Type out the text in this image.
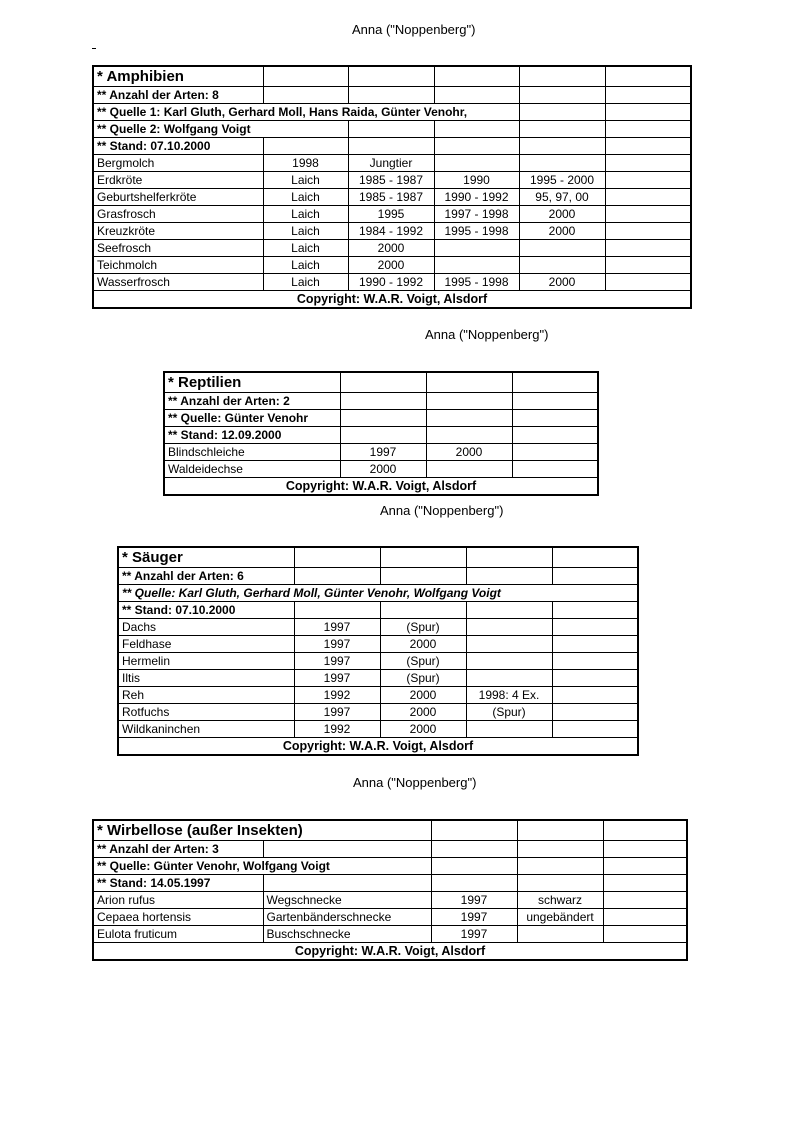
Anna ("Noppenberg")
* Amphibien					
** Anzahl der Arten: 8					
** Quelle 1: Karl Gluth, Gerhard Moll, Hans Raida, Günter Venohr,					
** Quelle 2: Wolfgang Voigt					
** Stand: 07.10.2000					
Bergmolch	1998	Jungtier			
Erdkröte	Laich	1985 - 1987	1990	1995 - 2000	
Geburtshelferkröte	Laich	1985 - 1987	1990 - 1992	95, 97, 00	
Grasfrosch	Laich	1995	1997 - 1998	2000	
Kreuzkröte	Laich	1984 - 1992	1995 - 1998	2000	
Seefrosch	Laich	2000			
Teichmolch	Laich	2000			
Wasserfrosch	Laich	1990 - 1992	1995 - 1998	2000	
Copyright: W.A.R. Voigt, Alsdorf					
Anna ("Noppenberg")
* Reptilien			
** Anzahl der Arten: 2			
** Quelle: Günter Venohr			
** Stand: 12.09.2000			
Blindschleiche	1997	2000	
Waldeidechse	2000		
Copyright: W.A.R. Voigt, Alsdorf			
Anna ("Noppenberg")
* Säuger				
** Anzahl der Arten: 6				
** Quelle: Karl Gluth, Gerhard Moll, Günter Venohr, Wolfgang Voigt				
** Stand: 07.10.2000				
Dachs	1997	(Spur)		
Feldhase	1997	2000		
Hermelin	1997	(Spur)		
Iltis	1997	(Spur)		
Reh	1992	2000	1998: 4 Ex.	
Rotfuchs	1997	2000	(Spur)	
Wildkaninchen	1992	2000		
Copyright: W.A.R. Voigt, Alsdorf				
Anna ("Noppenberg")
* Wirbellose (außer Insekten)				
** Anzahl der Arten: 3				
** Quelle: Günter Venohr, Wolfgang Voigt				
** Stand: 14.05.1997				
Arion rufus	Wegschnecke	1997	schwarz	
Cepaea hortensis	Gartenbänderschnecke	1997	ungebändert	
Eulota fruticum	Buschschnecke	1997		
Copyright: W.A.R. Voigt, Alsdorf				
